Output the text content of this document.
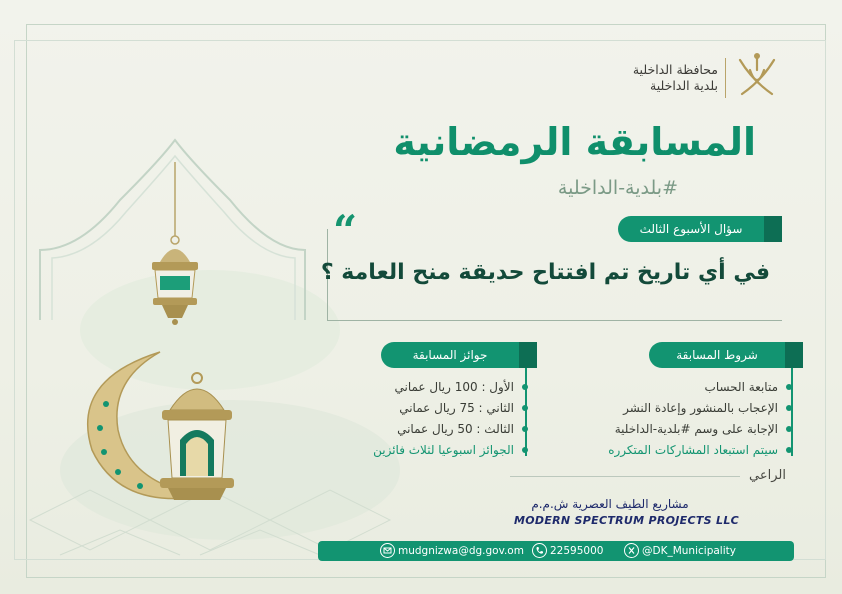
محافظة الداخلية
بلدية الداخلية
المسابقة الرمضانية
#بلدية-الداخلية
“	سؤال الأسبوع الثالث
في أي تاريخ تم افتتاح حديقة منح العامة ؟
جوائز المسابقة
الأول : 100 ريال عماني
الثاني : 75 ريال عماني
الثالث : 50 ريال عماني
الجوائز اسبوعيا لثلاث فائزين
شروط المسابقة
متابعة الحساب
الإعجاب بالمنشور وإعادة النشر
الإجابة على وسم #بلدية-الداخلية
سيتم استبعاد المشاركات المتكرره
الراعي
مشاريع الطيف العصرية ش.م.م
MODERN SPECTRUM PROJECTS LLC
mudgnizwa@dg.gov.om	22595000	@DK_Municipality
